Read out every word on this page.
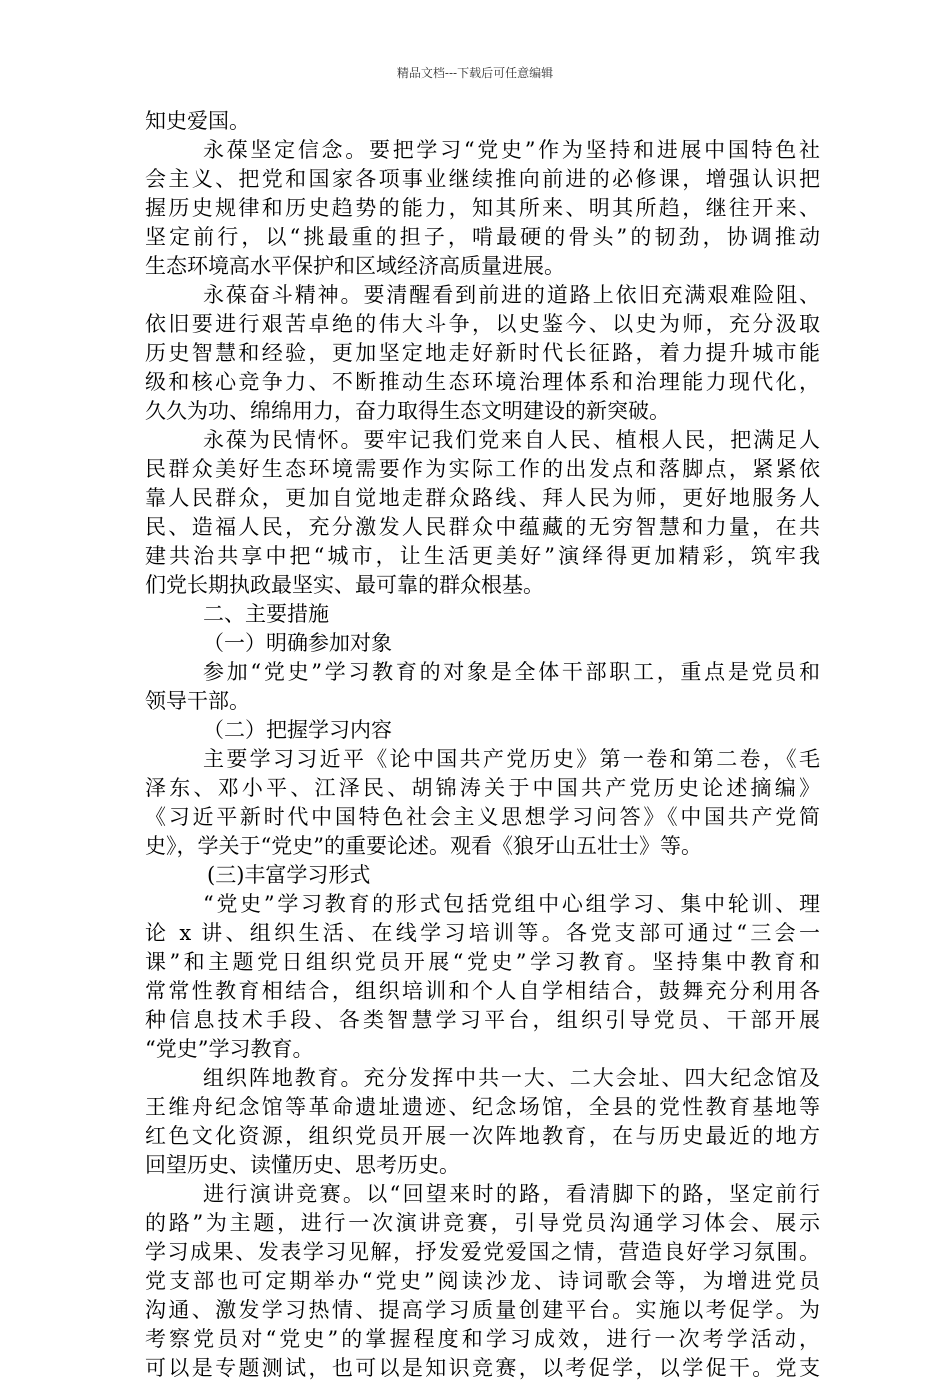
精品文档---下载后可任意编辑
知史爱国。
永葆坚定信念。要把学习“党史”作为坚持和进展中国特色社
会主义、把党和国家各项事业继续推向前进的必修课，增强认识把
握历史规律和历史趋势的能力，知其所来、明其所趋，继往开来、
坚定前行，以“挑最重的担子，啃最硬的骨头”的韧劲，协调推动
生态环境高水平保护和区域经济高质量进展。
永葆奋斗精神。要清醒看到前进的道路上依旧充满艰难险阻、
依旧要进行艰苦卓绝的伟大斗争，以史鉴今、以史为师，充分汲取
历史智慧和经验，更加坚定地走好新时代长征路，着力提升城市能
级和核心竞争力、不断推动生态环境治理体系和治理能力现代化，
久久为功、绵绵用力，奋力取得生态文明建设的新突破。
永葆为民情怀。要牢记我们党来自人民、植根人民，把满足人
民群众美好生态环境需要作为实际工作的出发点和落脚点，紧紧依
靠人民群众，更加自觉地走群众路线、拜人民为师，更好地服务人
民、造福人民，充分激发人民群众中蕴藏的无穷智慧和力量，在共
建共治共享中把“城市，让生活更美好”演绎得更加精彩，筑牢我
们党长期执政最坚实、最可靠的群众根基。
二、主要措施
（一）明确参加对象
参加“党史”学习教育的对象是全体干部职工，重点是党员和
领导干部。
（二）把握学习内容
主要学习习近平《论中国共产党历史》第一卷和第二卷，《毛
泽东、邓小平、江泽民、胡锦涛关于中国共产党历史论述摘编》
《习近平新时代中国特色社会主义思想学习问答》《中国共产党简
史》，学关于“党史”的重要论述。观看《狼牙山五壮士》等。
(三)丰富学习形式
“党史”学习教育的形式包括党组中心组学习、集中轮训、理
论 x 讲、组织生活、在线学习培训等。各党支部可通过“三会一
课”和主题党日组织党员开展“党史”学习教育。坚持集中教育和
常常性教育相结合，组织培训和个人自学相结合，鼓舞充分利用各
种信息技术手段、各类智慧学习平台，组织引导党员、干部开展
“党史”学习教育。
组织阵地教育。充分发挥中共一大、二大会址、四大纪念馆及
王维舟纪念馆等革命遗址遗迹、纪念场馆，全县的党性教育基地等
红色文化资源，组织党员开展一次阵地教育，在与历史最近的地方
回望历史、读懂历史、思考历史。
进行演讲竞赛。以“回望来时的路，看清脚下的路，坚定前行
的路”为主题，进行一次演讲竞赛，引导党员沟通学习体会、展示
学习成果、发表学习见解，抒发爱党爱国之情，营造良好学习氛围。
党支部也可定期举办“党史”阅读沙龙、诗词歌会等，为增进党员
沟通、激发学习热情、提高学习质量创建平台。实施以考促学。为
考察党员对“党史”的掌握程度和学习成效，进行一次考学活动，
可以是专题测试，也可以是知识竞赛，以考促学，以学促干。党支
